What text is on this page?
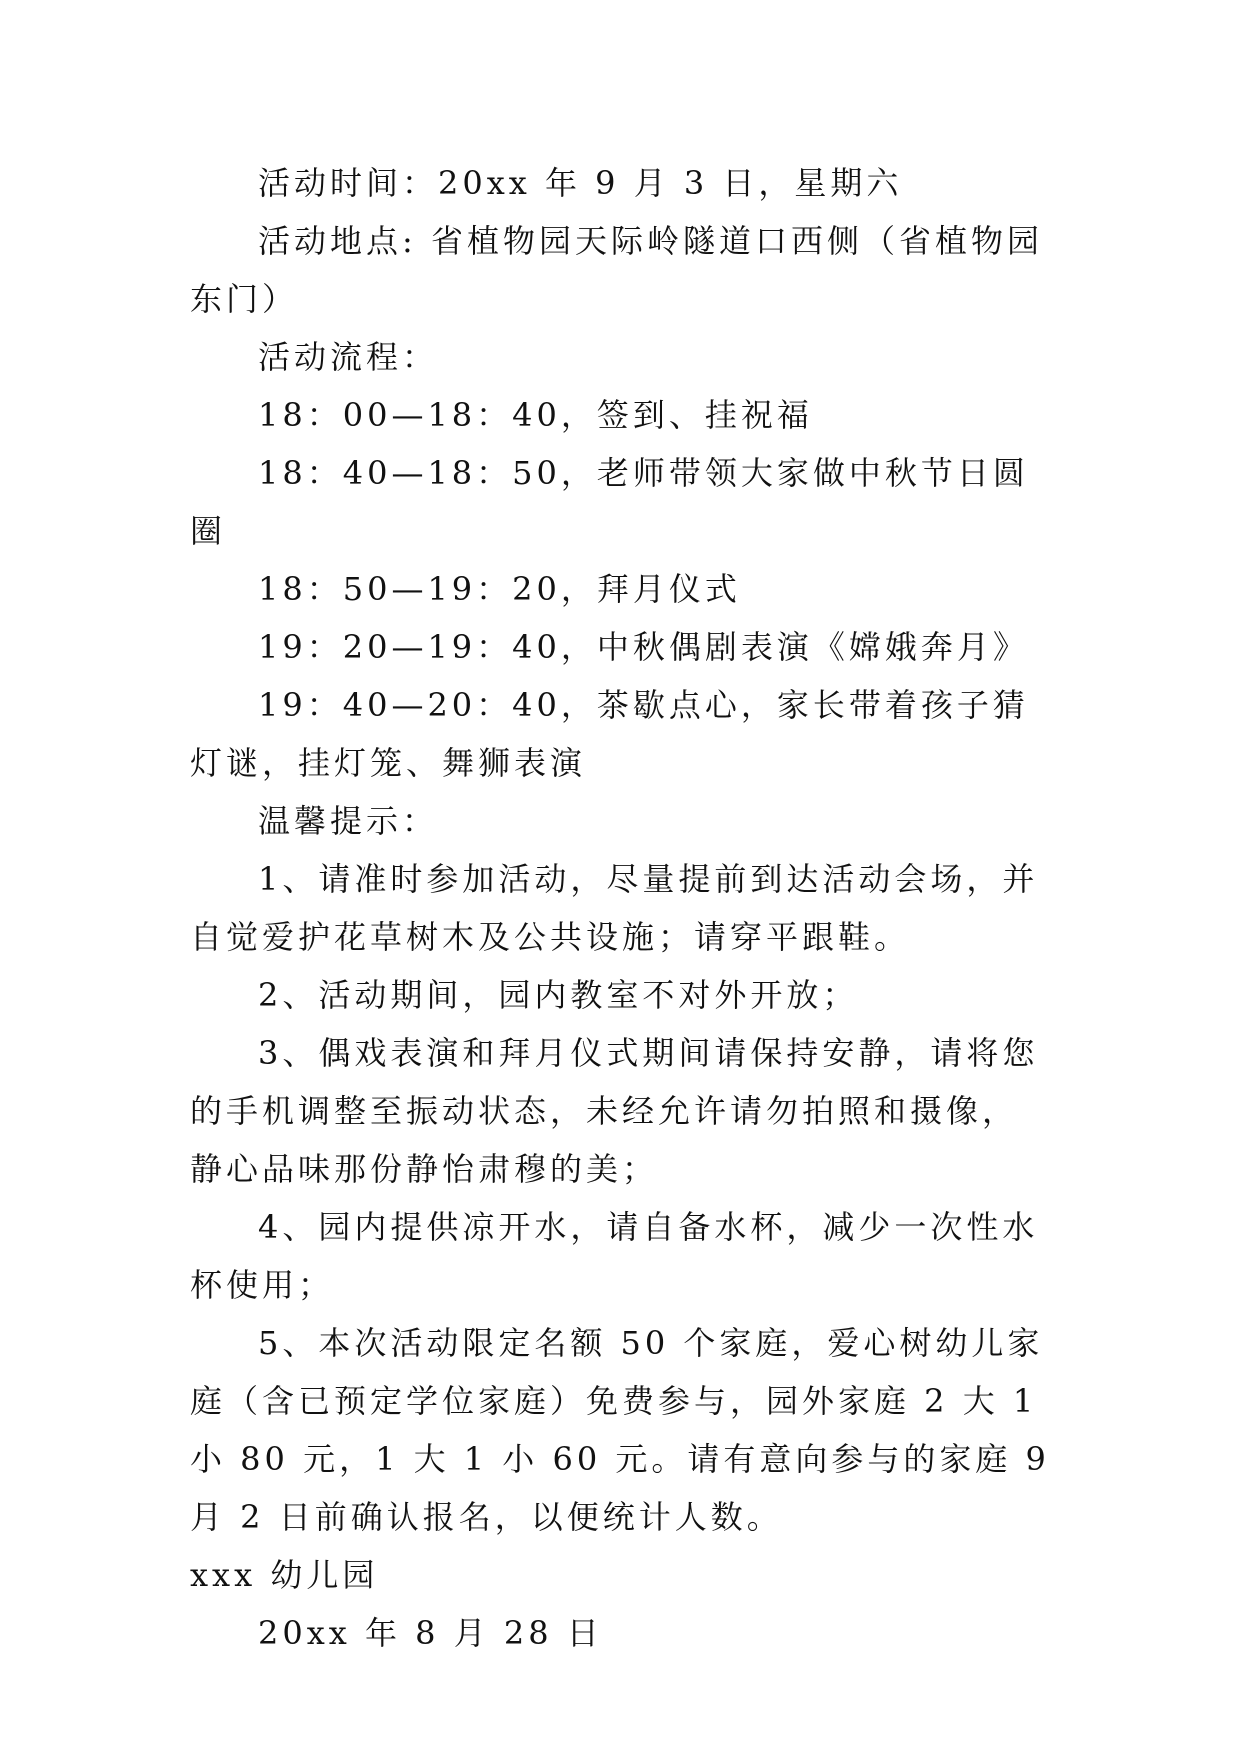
活动时间：20xx 年 9 月 3 日，星期六

活动地点: 省植物园天际岭隧道口西侧（省植物园东门）

活动流程：

18：00—18：40，签到、挂祝福

18：40—18：50，老师带领大家做中秋节日圆圈

18：50—19：20，拜月仪式

19：20—19：40，中秋偶剧表演《嫦娥奔月》

19：40—20：40，茶歇点心，家长带着孩子猜灯谜，挂灯笼、舞狮表演

温馨提示：

1、请准时参加活动，尽量提前到达活动会场，并自觉爱护花草树木及公共设施；请穿平跟鞋。

2、活动期间，园内教室不对外开放；

3、偶戏表演和拜月仪式期间请保持安静，请将您的手机调整至振动状态，未经允许请勿拍照和摄像，静心品味那份静怡肃穆的美；

4、园内提供凉开水，请自备水杯，减少一次性水杯使用；

5、本次活动限定名额 50 个家庭，爱心树幼儿家庭（含已预定学位家庭）免费参与，园外家庭 2 大 1 小 80 元，1 大 1 小 60 元。请有意向参与的家庭 9 月 2 日前确认报名，以便统计人数。

xxx 幼儿园

20xx 年 8 月 28 日
